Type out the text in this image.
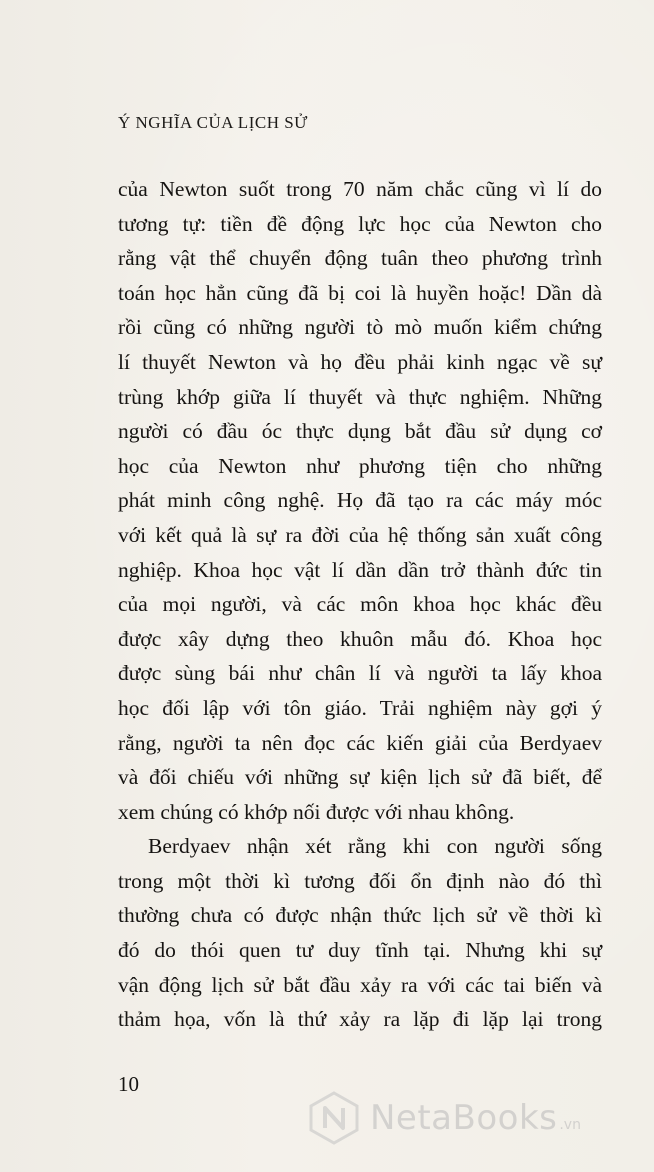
Ý NGHĨA CỦA LỊCH SỬ
của Newton suốt trong 70 năm chắc cũng vì lí do
tương tự: tiền đề động lực học của Newton cho
rằng vật thể chuyển động tuân theo phương trình
toán học hẳn cũng đã bị coi là huyền hoặc! Dần dà
rồi cũng có những người tò mò muốn kiểm chứng
lí thuyết Newton và họ đều phải kinh ngạc về sự
trùng khớp giữa lí thuyết và thực nghiệm. Những
người có đầu óc thực dụng bắt đầu sử dụng cơ
học của Newton như phương tiện cho những
phát minh công nghệ. Họ đã tạo ra các máy móc
với kết quả là sự ra đời của hệ thống sản xuất công
nghiệp. Khoa học vật lí dần dần trở thành đức tin
của mọi người, và các môn khoa học khác đều
được xây dựng theo khuôn mẫu đó. Khoa học
được sùng bái như chân lí và người ta lấy khoa
học đối lập với tôn giáo. Trải nghiệm này gợi ý
rằng, người ta nên đọc các kiến giải của Berdyaev
và đối chiếu với những sự kiện lịch sử đã biết, để
xem chúng có khớp nối được với nhau không.
Berdyaev nhận xét rằng khi con người sống
trong một thời kì tương đối ổn định nào đó thì
thường chưa có được nhận thức lịch sử về thời kì
đó do thói quen tư duy tĩnh tại. Nhưng khi sự
vận động lịch sử bắt đầu xảy ra với các tai biến và
thảm họa, vốn là thứ xảy ra lặp đi lặp lại trong
10
NetaBooks .vn
